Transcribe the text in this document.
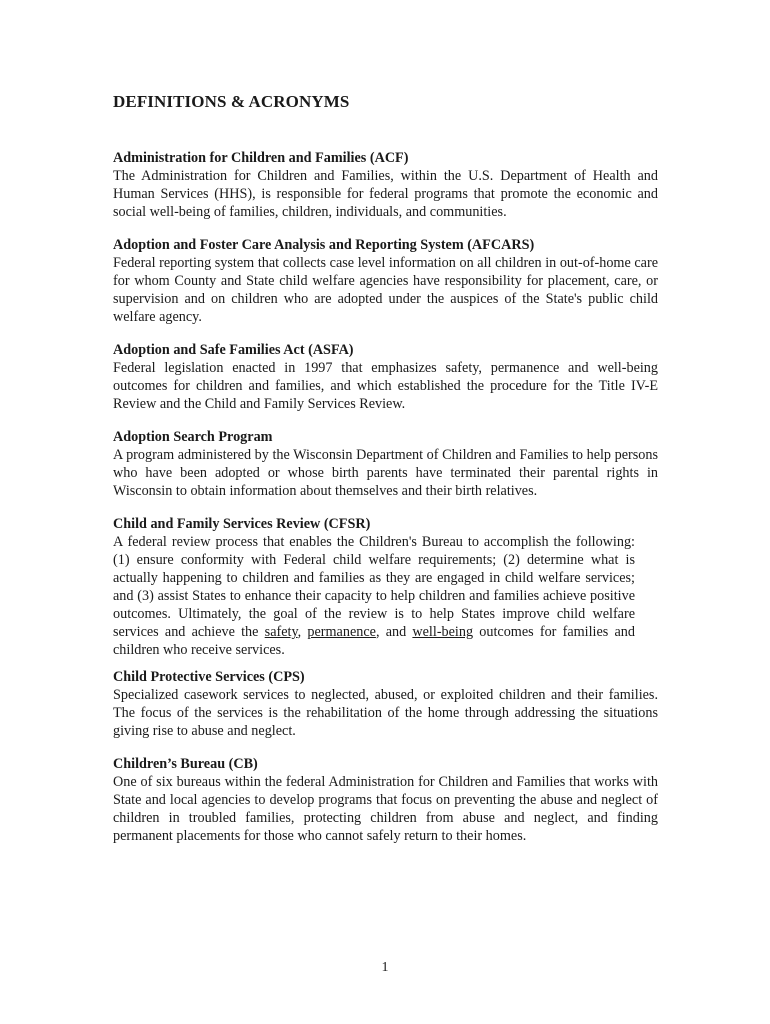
DEFINITIONS & ACRONYMS

Administration for Children and Families (ACF)

The Administration for Children and Families, within the U.S. Department of Health and Human Services (HHS), is responsible for federal programs that promote the economic and social well-being of families, children, individuals, and communities.

Adoption and Foster Care Analysis and Reporting System (AFCARS)

Federal reporting system that collects case level information on all children in out-of-home care for whom County and State child welfare agencies have responsibility for placement, care, or supervision and on children who are adopted under the auspices of the State's public child welfare agency.

Adoption and Safe Families Act (ASFA)

Federal legislation enacted in 1997 that emphasizes safety, permanence and well-being outcomes for children and families, and which established the procedure for the Title IV-E Review and the Child and Family Services Review.

Adoption Search Program

A program administered by the Wisconsin Department of Children and Families to help persons who have been adopted or whose birth parents have terminated their parental rights in Wisconsin to obtain information about themselves and their birth relatives.

Child and Family Services Review (CFSR)

A federal review process that enables the Children's Bureau to accomplish the following: (1) ensure conformity with Federal child welfare requirements; (2) determine what is actually happening to children and families as they are engaged in child welfare services; and (3) assist States to enhance their capacity to help children and families achieve positive outcomes. Ultimately, the goal of the review is to help States improve child welfare services and achieve the safety, permanence, and well-being outcomes for families and children who receive services.

Child Protective Services (CPS)

Specialized casework services to neglected, abused, or exploited children and their families. The focus of the services is the rehabilitation of the home through addressing the situations giving rise to abuse and neglect.

Children’s Bureau (CB)

One of six bureaus within the federal Administration for Children and Families that works with State and local agencies to develop programs that focus on preventing the abuse and neglect of children in troubled families, protecting children from abuse and neglect, and finding permanent placements for those who cannot safely return to their homes.

1
